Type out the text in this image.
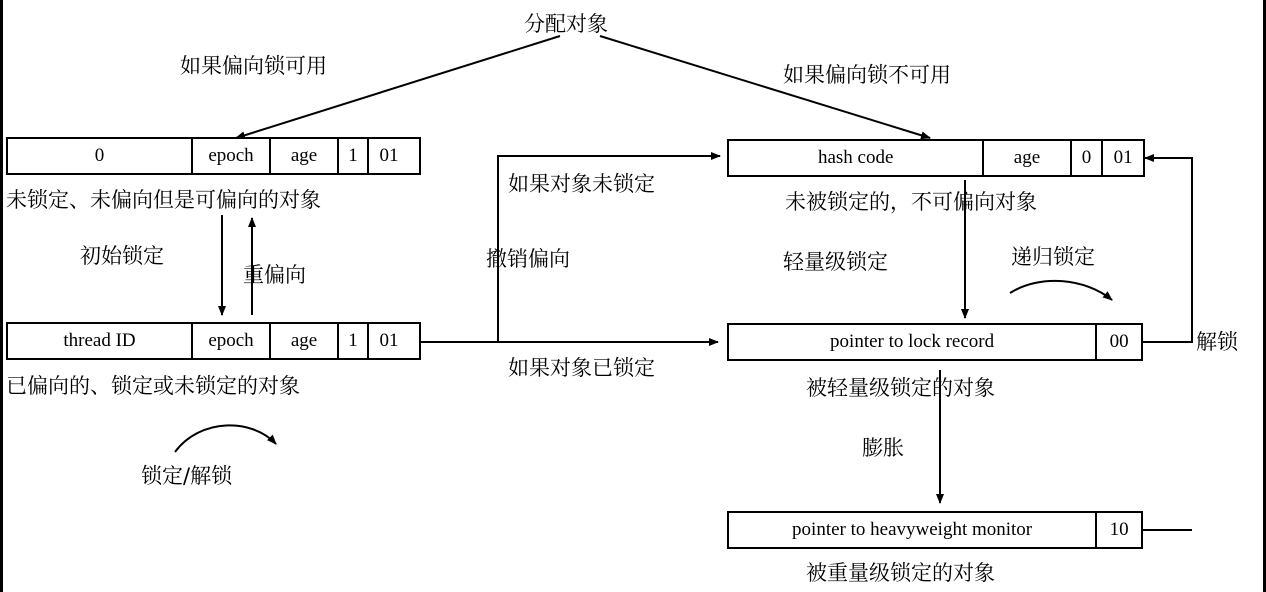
分配对象
0	epoch	age	1	01
未锁定、未偏向但是可偏向的对象
thread ID	epoch	age	1	01
已偏向的、锁定或未锁定的对象
hash code	age	0	01
未被锁定的，不可偏向对象
pointer to lock record	00
被轻量级锁定的对象
pointer to heavyweight monitor	10
被重量级锁定的对象
如果偏向锁可用	如果偏向锁不可用
初始锁定
重偏向
锁定/解锁
如果对象未锁定
撤销偏向
如果对象已锁定
轻量级锁定	递归锁定
膨胀
解锁
